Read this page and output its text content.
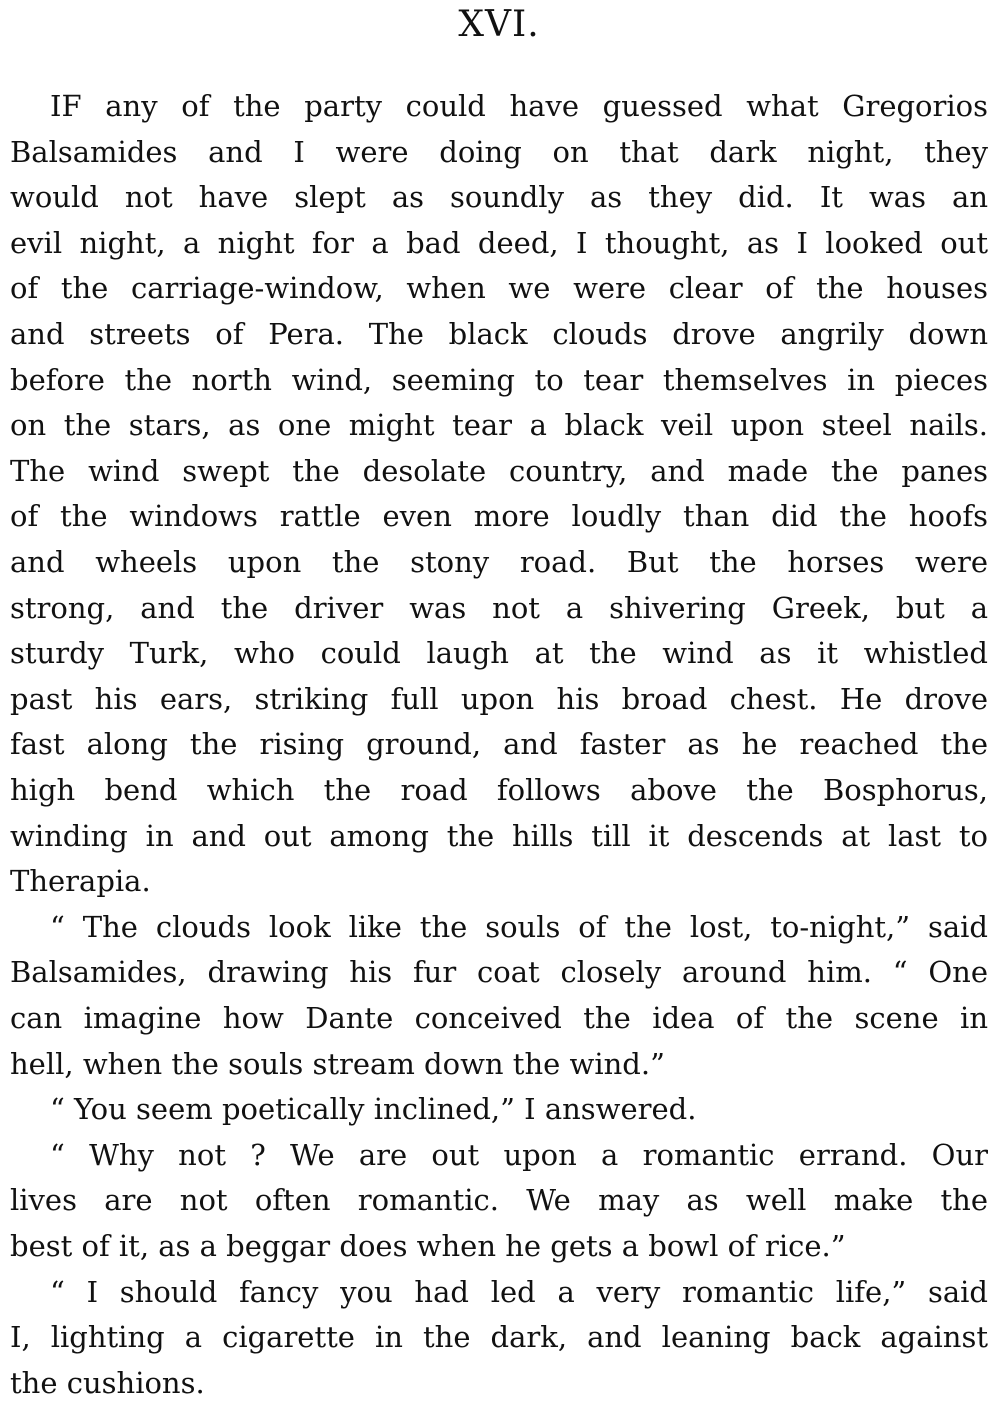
XVI.
IF any of the party could have guessed what Gregorios
Balsamides and I were doing on that dark night, they
would not have slept as soundly as they did. It was an
evil night, a night for a bad deed, I thought, as I looked out
of the carriage-window, when we were clear of the houses
and streets of Pera. The black clouds drove angrily down
before the north wind, seeming to tear themselves in pieces
on the stars, as one might tear a black veil upon steel nails.
The wind swept the desolate country, and made the panes
of the windows rattle even more loudly than did the hoofs
and wheels upon the stony road. But the horses were
strong, and the driver was not a shivering Greek, but a
sturdy Turk, who could laugh at the wind as it whistled
past his ears, striking full upon his broad chest. He drove
fast along the rising ground, and faster as he reached the
high bend which the road follows above the Bosphorus,
winding in and out among the hills till it descends at last to
Therapia.
“ The clouds look like the souls of the lost, to-night,” said
Balsamides, drawing his fur coat closely around him. “ One
can imagine how Dante conceived the idea of the scene in
hell, when the souls stream down the wind.”
“ You seem poetically inclined,” I answered.
“ Why not ? We are out upon a romantic errand. Our
lives are not often romantic. We may as well make the
best of it, as a beggar does when he gets a bowl of rice.”
“ I should fancy you had led a very romantic life,” said
I, lighting a cigarette in the dark, and leaning back against
the cushions.
